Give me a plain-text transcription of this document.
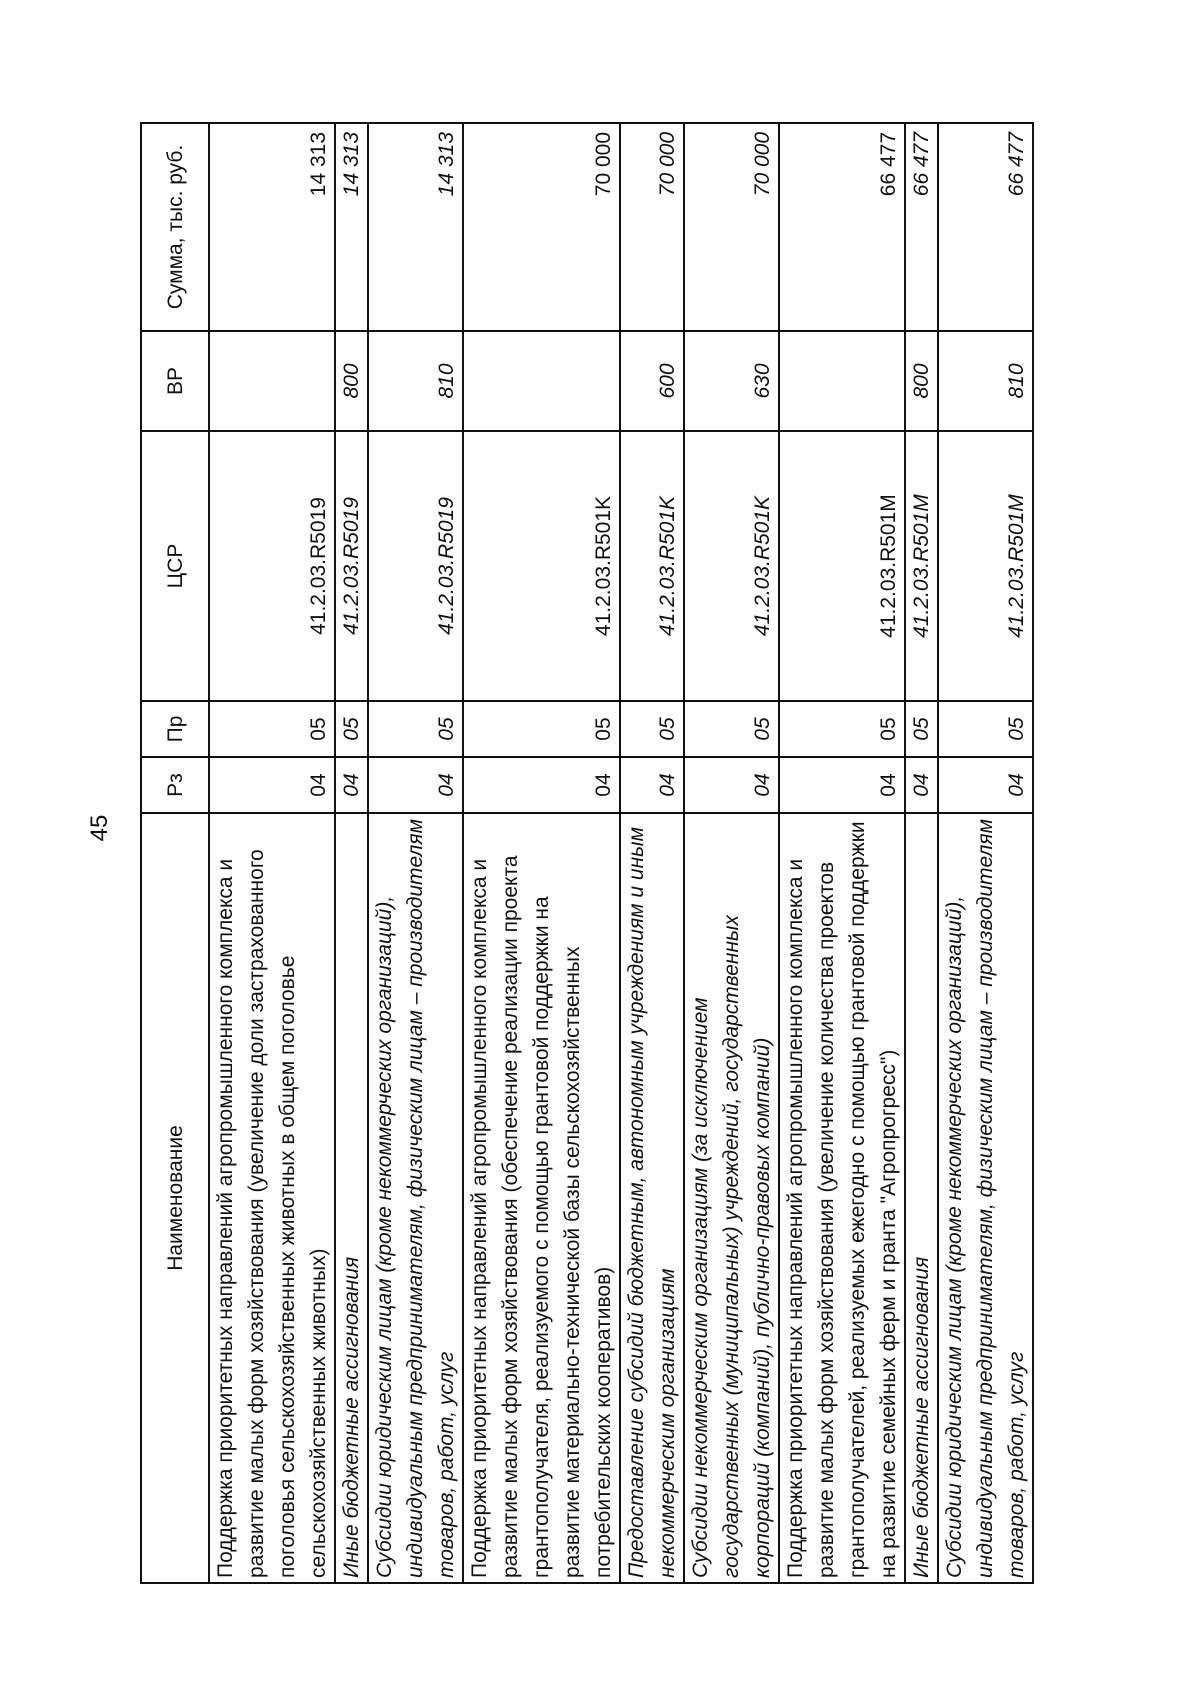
45
Наименование	Рз	Пр	ЦСР	ВР	Сумма, тыс. руб.
Поддержка приоритетных направлений агропромышленного комплекса и развитие малых форм хозяйствования (увеличение доли застрахованного поголовья сельскохозяйственных животных в общем поголовье сельскохозяйственных животных)	04	05	41.2.03.R5019		14 313
Иные бюджетные ассигнования	04	05	41.2.03.R5019	800	14 313
Субсидии юридическим лицам (кроме некоммерческих организаций), индивидуальным предпринимателям, физическим лицам – производителям товаров, работ, услуг	04	05	41.2.03.R5019	810	14 313
Поддержка приоритетных направлений агропромышленного комплекса и развитие малых форм хозяйствования (обеспечение реализации проекта грантополучателя, реализуемого с помощью грантовой поддержки на развитие материально-технической базы сельскохозяйственных потребительских кооперативов)	04	05	41.2.03.R501K		70 000
Предоставление субсидий бюджетным, автономным учреждениям и иным некоммерческим организациям	04	05	41.2.03.R501K	600	70 000
Субсидии некоммерческим организациям (за исключением государственных (муниципальных) учреждений, государственных корпораций (компаний), публично-правовых компаний)	04	05	41.2.03.R501K	630	70 000
Поддержка приоритетных направлений агропромышленного комплекса и развитие малых форм хозяйствования (увеличение количества проектов грантополучателей, реализуемых ежегодно с помощью грантовой поддержки на развитие семейных ферм и гранта "Агропрогресс")	04	05	41.2.03.R501M		66 477
Иные бюджетные ассигнования	04	05	41.2.03.R501M	800	66 477
Субсидии юридическим лицам (кроме некоммерческих организаций), индивидуальным предпринимателям, физическим лицам – производителям товаров, работ, услуг	04	05	41.2.03.R501M	810	66 477
